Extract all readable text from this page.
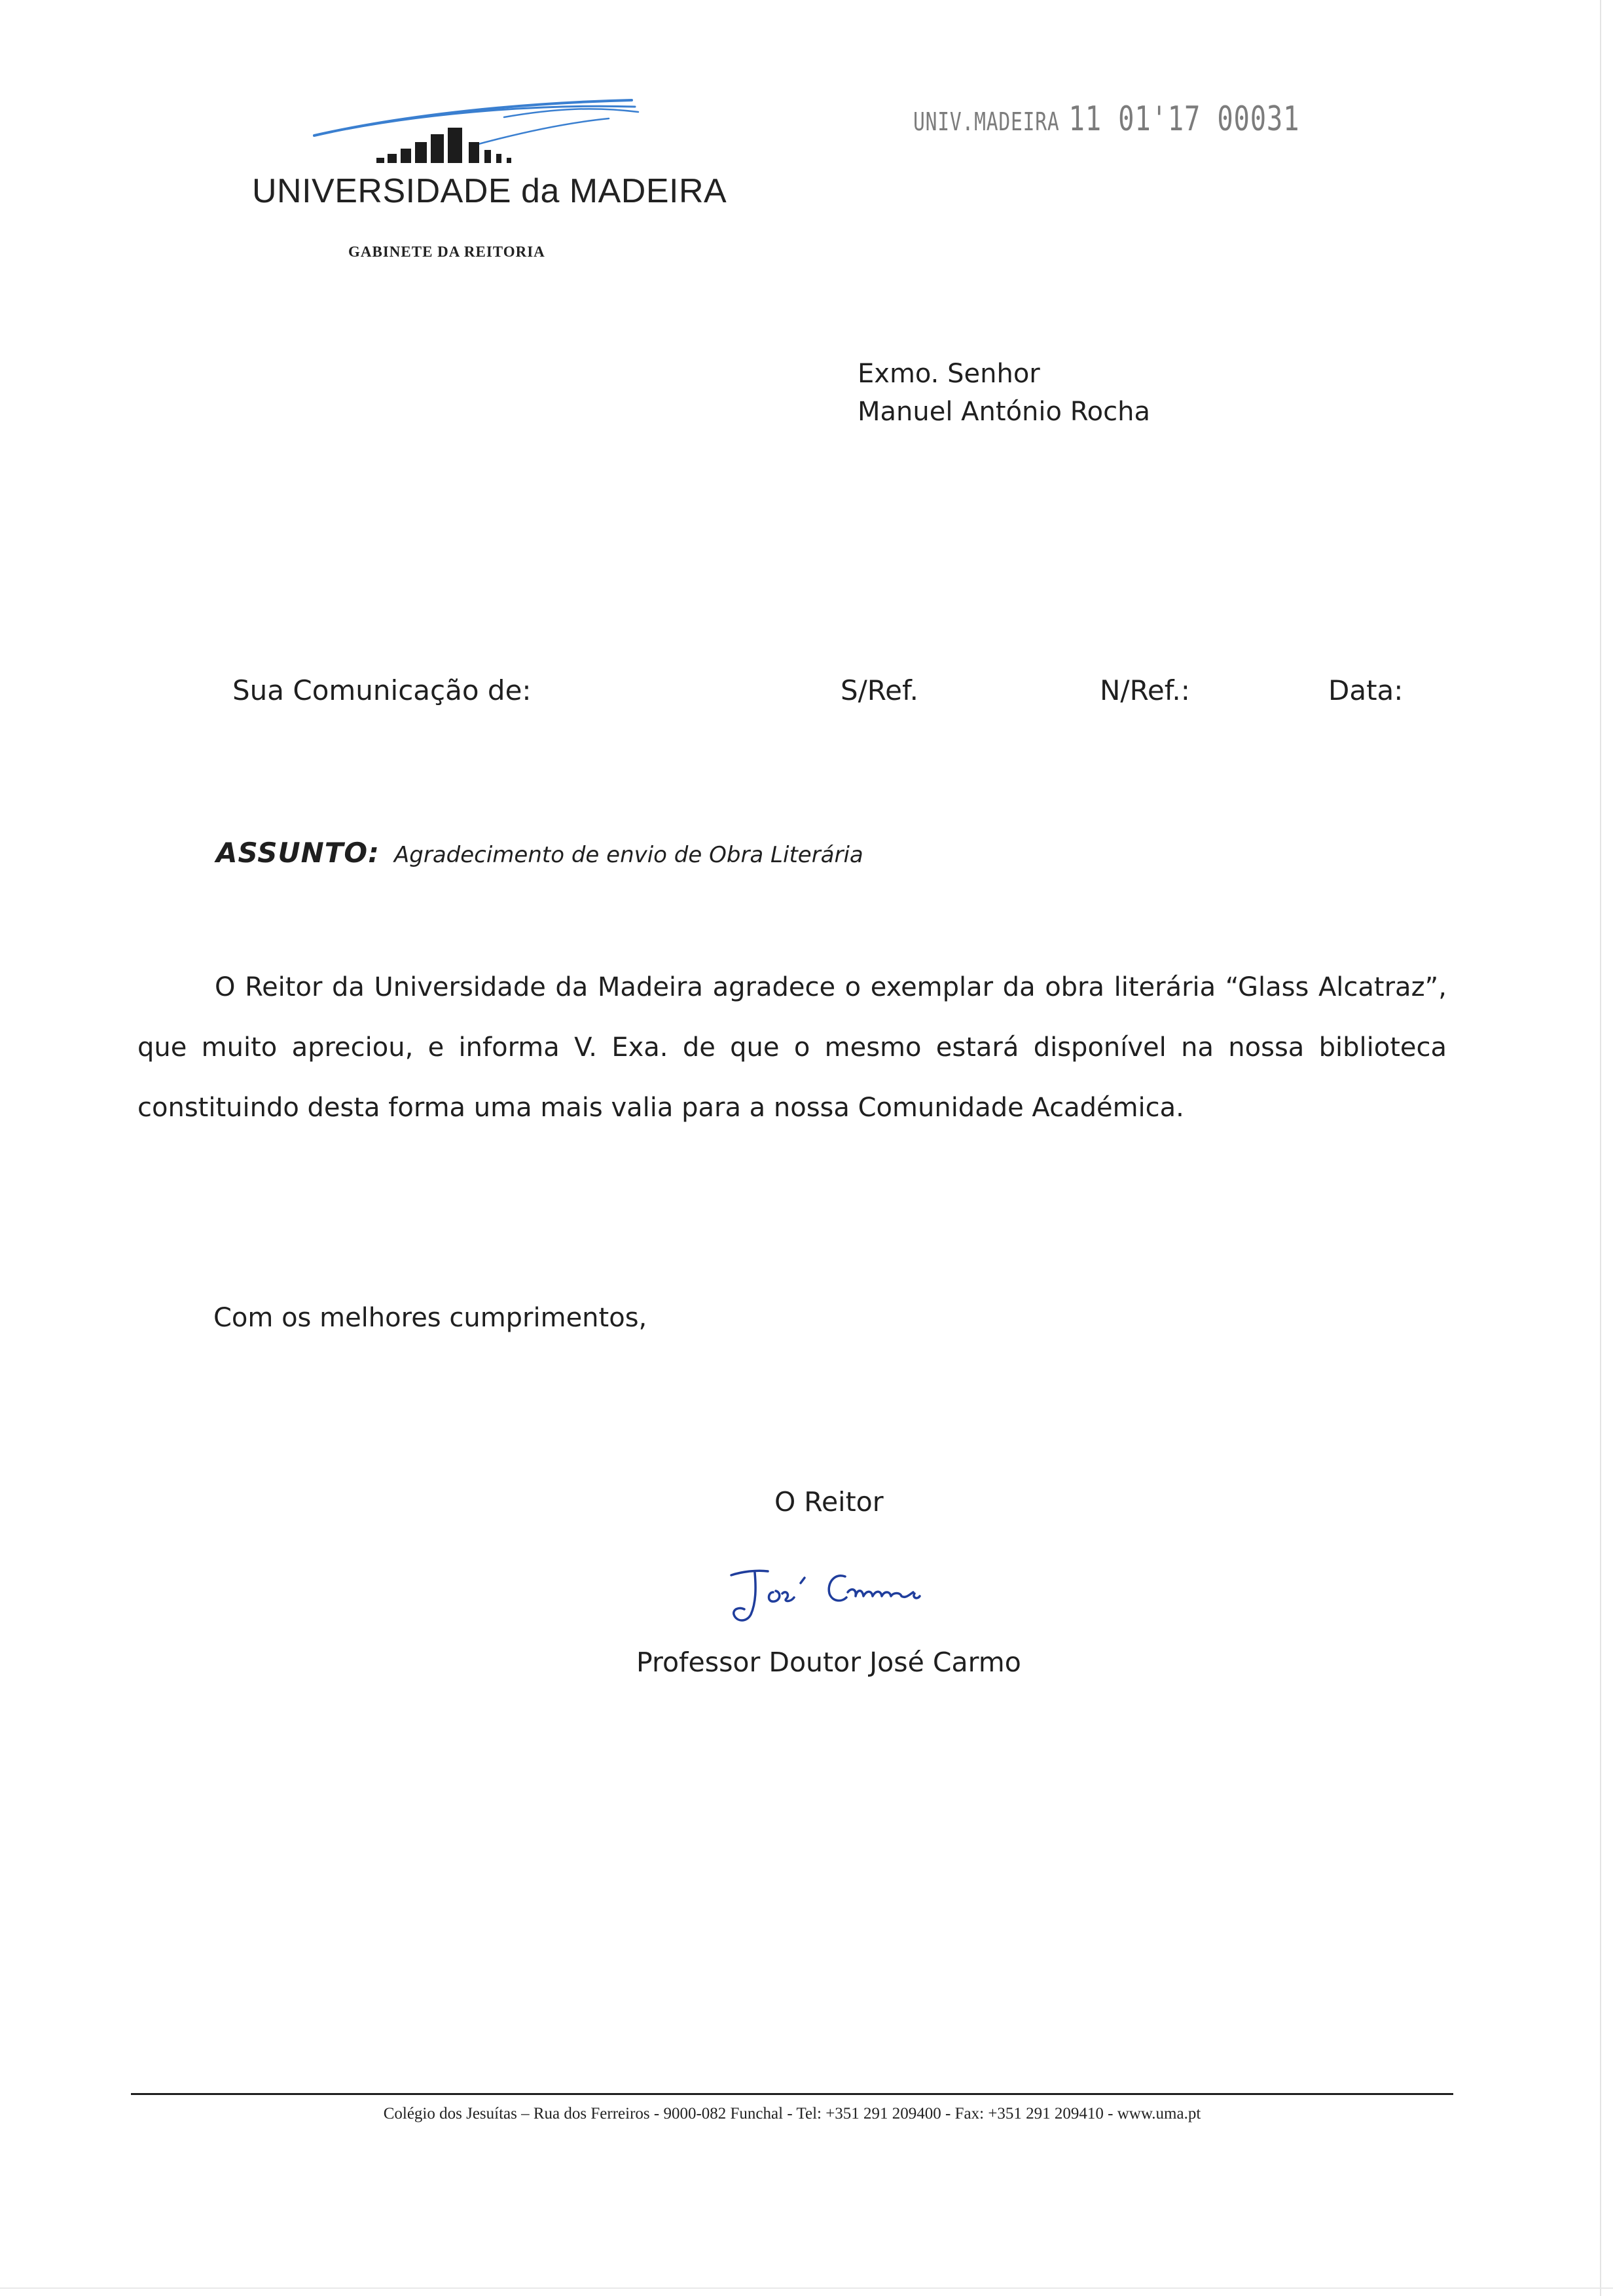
UNIVERSIDADE da MADEIRA
GABINETE DA REITORIA
UNIV.MADEIRA 11 01'17 00031
Exmo. Senhor
Manuel António Rocha
Sua Comunicação de:	S/Ref.	N/Ref.:	Data:
ASSUNTO: Agradecimento de envio de Obra Literária
O Reitor da Universidade da Madeira agradece o exemplar da obra literária “Glass Alcatraz”, que muito apreciou, e informa V. Exa. de que o mesmo estará disponível na nossa biblioteca constituindo desta forma uma mais valia para a nossa Comunidade Académica.
Com os melhores cumprimentos,
O Reitor
Professor Doutor José Carmo
Colégio dos Jesuítas – Rua dos Ferreiros - 9000-082 Funchal - Tel: +351 291 209400 - Fax: +351 291 209410 - www.uma.pt
